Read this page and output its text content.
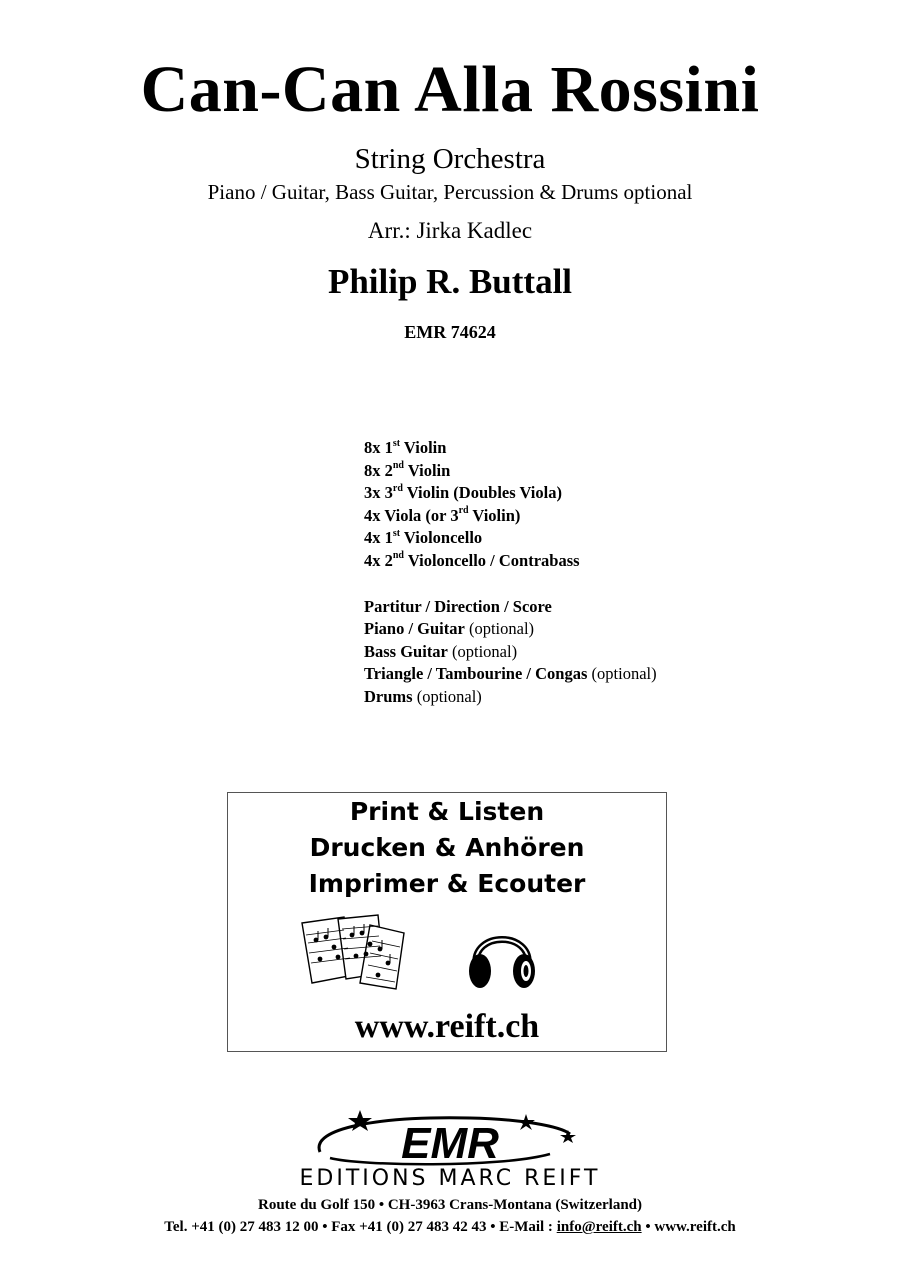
Can-Can Alla Rossini
String Orchestra
Piano / Guitar, Bass Guitar, Percussion & Drums optional
Arr.: Jirka Kadlec
Philip R. Buttall
EMR 74624
8x 1st Violin
8x 2nd Violin
3x 3rd Violin (Doubles Viola)
4x Viola (or 3rd Violin)
4x 1st Violoncello
4x 2nd Violoncello / Contrabass
Partitur / Direction / Score
Piano / Guitar (optional)
Bass Guitar (optional)
Triangle / Tambourine / Congas (optional)
Drums (optional)
Print & Listen
Drucken & Anhören
Imprimer & Ecouter
www.reift.ch
EMR
EDITIONS MARC REIFT
Route du Golf 150 • CH-3963 Crans-Montana (Switzerland)
Tel. +41 (0) 27 483 12 00 • Fax +41 (0) 27 483 42 43 • E-Mail : info@reift.ch • www.reift.ch
